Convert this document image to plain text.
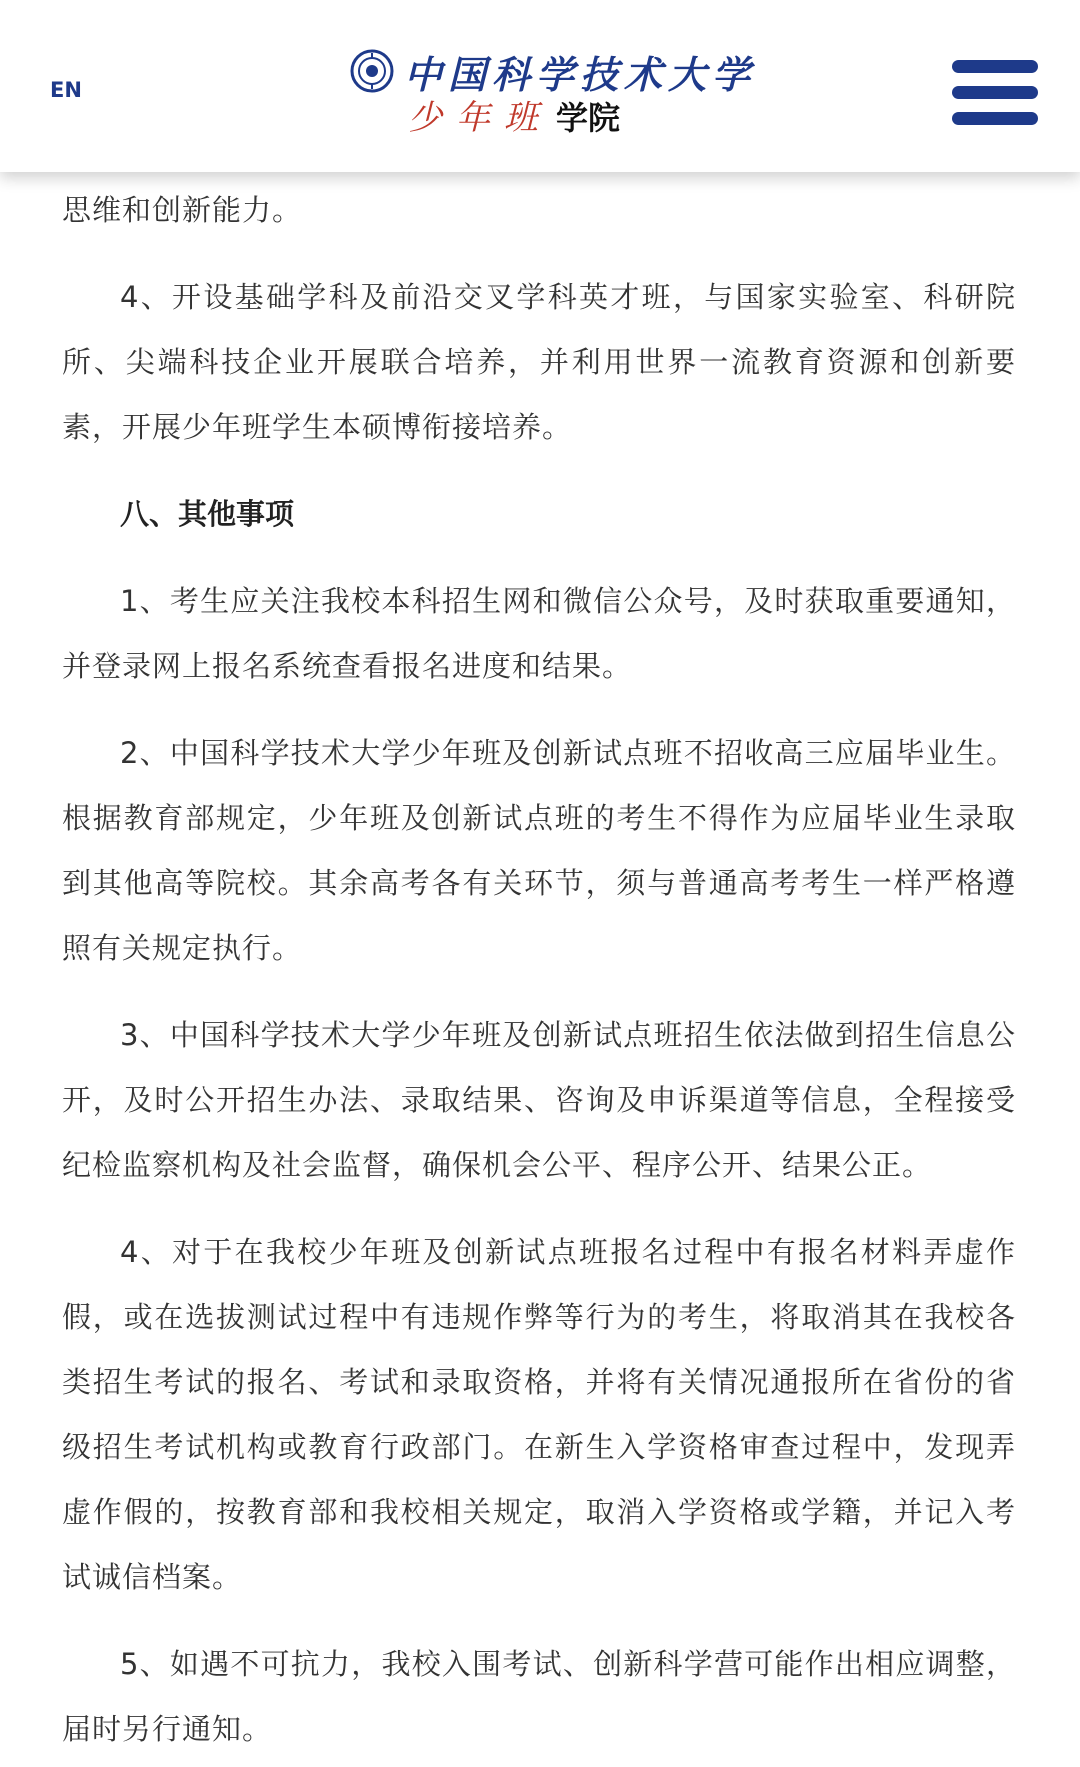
EN	中国科学技术大学
少年班 学院

思维和创新能力。

4、开设基础学科及前沿交叉学科英才班，与国家实验室、科研院所、尖端科技企业开展联合培养，并利用世界一流教育资源和创新要素，开展少年班学生本硕博衔接培养。

八、其他事项

1、考生应关注我校本科招生网和微信公众号，及时获取重要通知，并登录网上报名系统查看报名进度和结果。

2、中国科学技术大学少年班及创新试点班不招收高三应届毕业生。根据教育部规定，少年班及创新试点班的考生不得作为应届毕业生录取到其他高等院校。其余高考各有关环节，须与普通高考考生一样严格遵照有关规定执行。

3、中国科学技术大学少年班及创新试点班招生依法做到招生信息公开，及时公开招生办法、录取结果、咨询及申诉渠道等信息，全程接受纪检监察机构及社会监督，确保机会公平、程序公开、结果公正。

4、对于在我校少年班及创新试点班报名过程中有报名材料弄虚作假，或在选拔测试过程中有违规作弊等行为的考生，将取消其在我校各类招生考试的报名、考试和录取资格，并将有关情况通报所在省份的省级招生考试机构或教育行政部门。在新生入学资格审查过程中，发现弄虚作假的，按教育部和我校相关规定，取消入学资格或学籍，并记入考试诚信档案。

5、如遇不可抗力，我校入围考试、创新科学营可能作出相应调整，届时另行通知。
